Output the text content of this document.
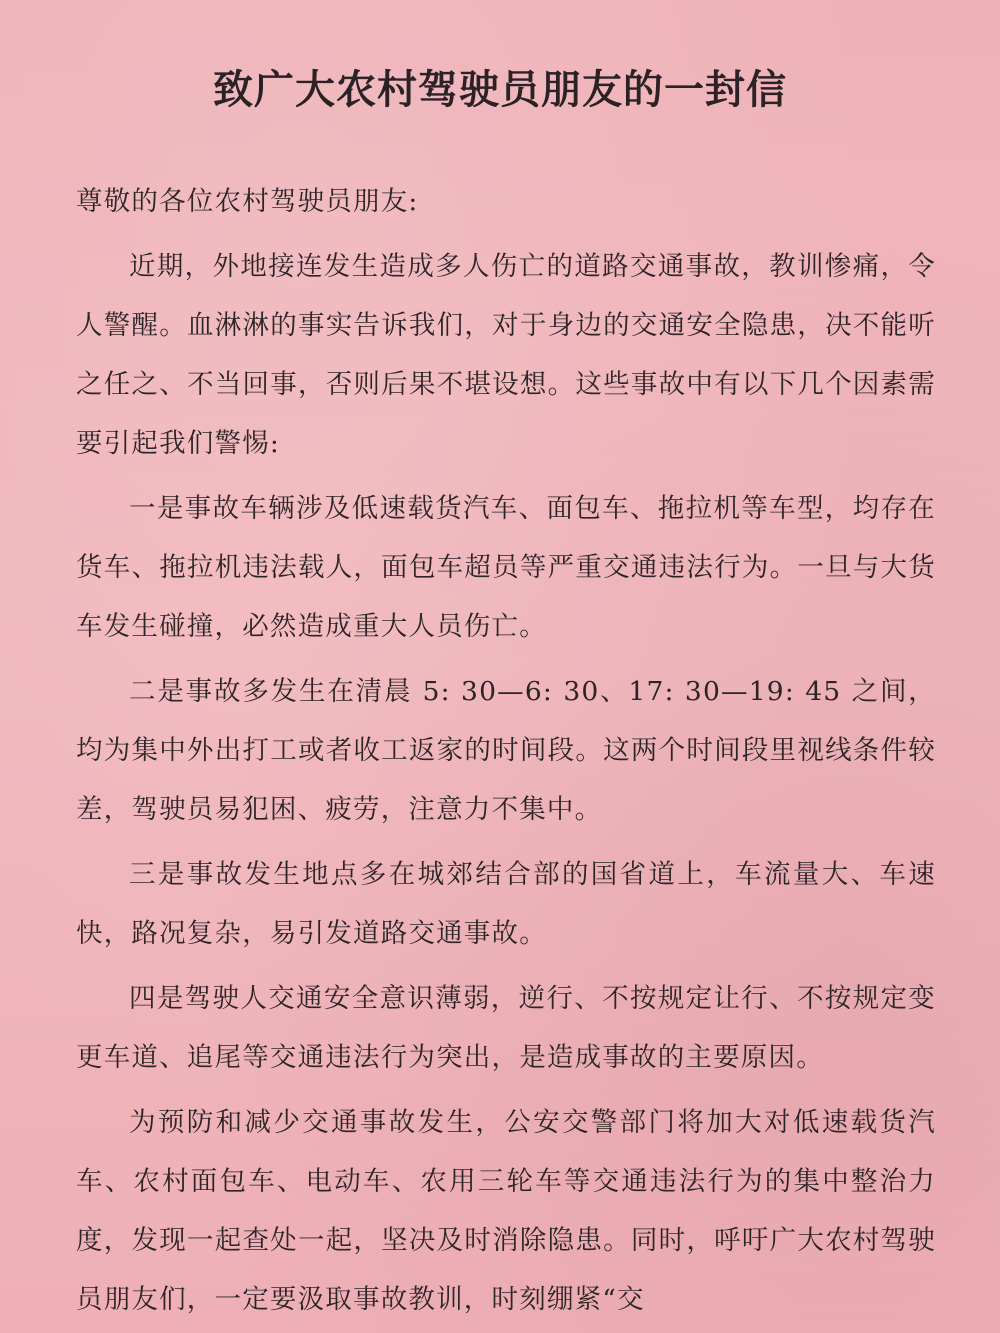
致广大农村驾驶员朋友的一封信

尊敬的各位农村驾驶员朋友:

近期，外地接连发生造成多人伤亡的道路交通事故，教训惨痛，令人警醒。血淋淋的事实告诉我们，对于身边的交通安全隐患，决不能听之任之、不当回事，否则后果不堪设想。这些事故中有以下几个因素需要引起我们警惕:

一是事故车辆涉及低速载货汽车、面包车、拖拉机等车型，均存在货车、拖拉机违法载人，面包车超员等严重交通违法行为。一旦与大货车发生碰撞，必然造成重大人员伤亡。

二是事故多发生在清晨 5: 30—6: 30、17: 30—19: 45 之间，均为集中外出打工或者收工返家的时间段。这两个时间段里视线条件较差，驾驶员易犯困、疲劳，注意力不集中。

三是事故发生地点多在城郊结合部的国省道上，车流量大、车速快，路况复杂，易引发道路交通事故。

四是驾驶人交通安全意识薄弱，逆行、不按规定让行、不按规定变更车道、追尾等交通违法行为突出，是造成事故的主要原因。

为预防和减少交通事故发生，公安交警部门将加大对低速载货汽车、农村面包车、电动车、农用三轮车等交通违法行为的集中整治力度，发现一起查处一起，坚决及时消除隐患。同时，呼吁广大农村驾驶员朋友们，一定要汲取事故教训，时刻绷紧“交
